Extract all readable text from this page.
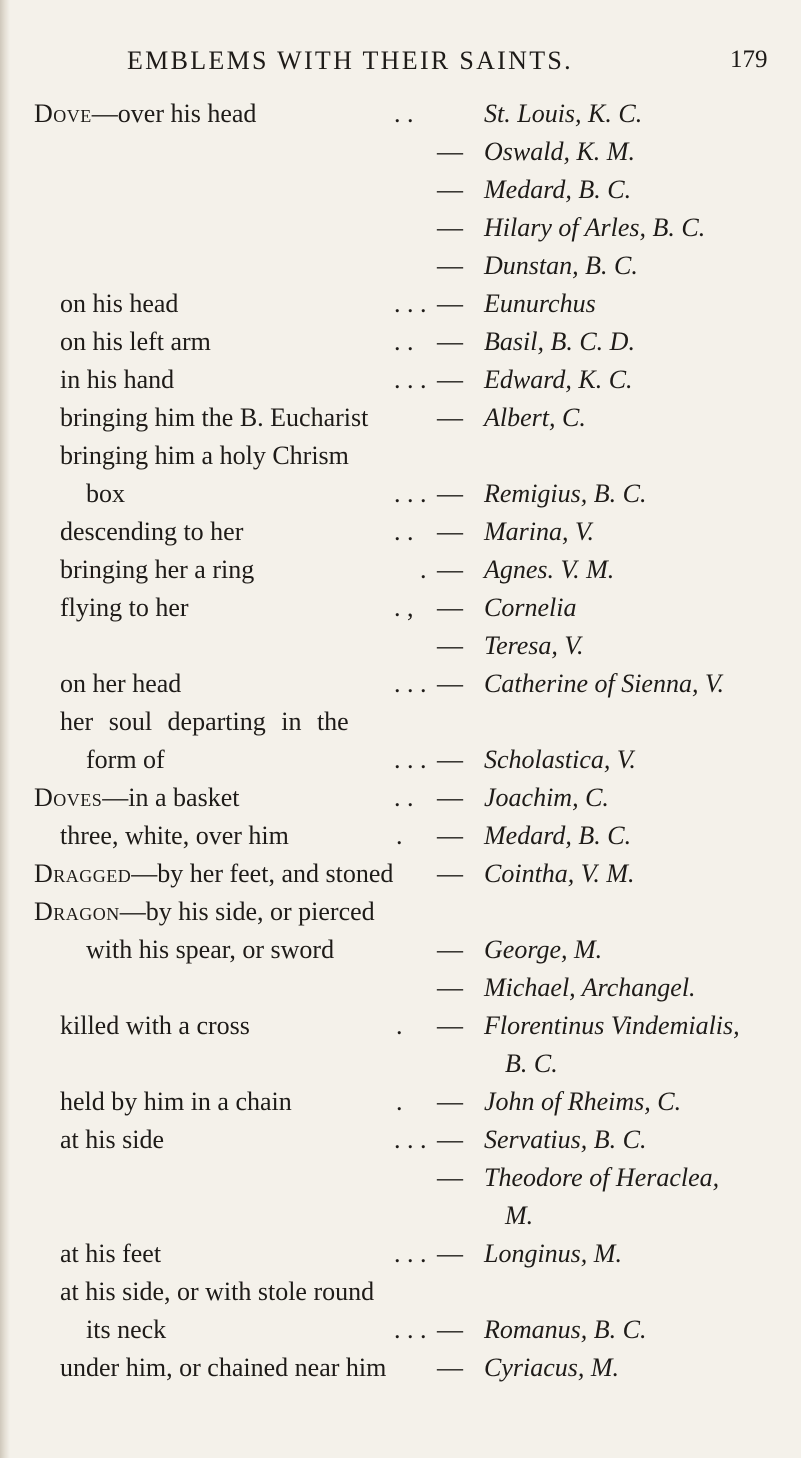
EMBLEMS WITH THEIR SAINTS.	179
Dove—over his head	. .	St. Louis, K. C.
— Oswald, K. M.
— Medard, B. C.
— Hilary of Arles, B. C.
— Dunstan, B. C.
on his head	. . . — Eunurchus
on his left arm	. . — Basil, B. C. D.
in his hand	. . . — Edward, K. C.
bringing him the B. Eucharist	— Albert, C.
bringing him a holy Chrism
box	. . . — Remigius, B. C.
descending to her	. . — Marina, V.
bringing her a ring	. — Agnes. V. M.
flying to her	. , — Cornelia
— Teresa, V.
on her head	. . . — Catherine of Sienna, V.
her soul departing in the
form of	. . . — Scholastica, V.
Doves—in a basket	. . — Joachim, C.
three, white, over him	. — Medard, B. C.
Dragged—by her feet, and stoned — Cointha, V. M.
Dragon—by his side, or pierced
with his spear, or sword	— George, M.
— Michael, Archangel.
killed with a cross	. — Florentinus Vindemialis,
B. C.
held by him in a chain	. — John of Rheims, C.
at his side	. . . — Servatius, B. C.
— Theodore of Heraclea,
M.
at his feet	. . . — Longinus, M.
at his side, or with stole round
its neck	. . . — Romanus, B. C.
under him, or chained near him — Cyriacus, M.
